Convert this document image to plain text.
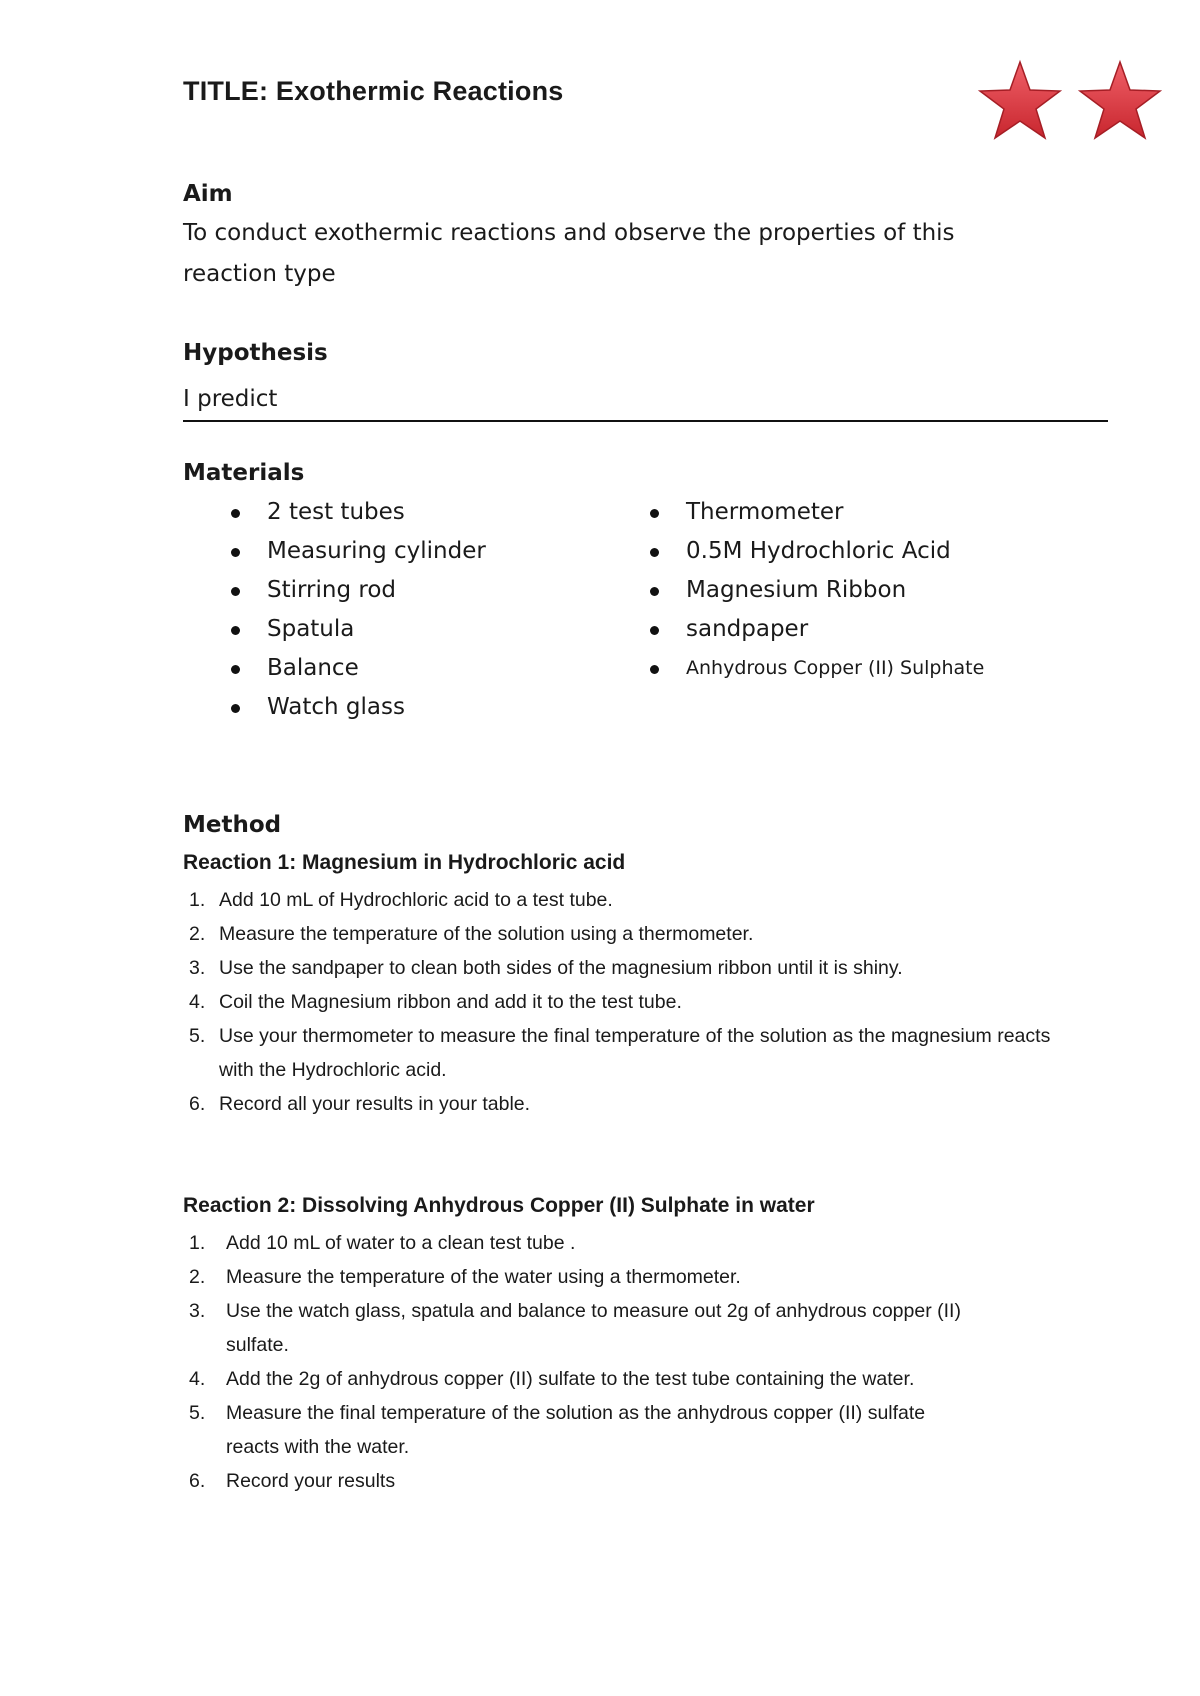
TITLE: Exothermic Reactions
Aim
To conduct exothermic reactions and observe the properties of this reaction type
Hypothesis
I predict
Materials
2 test tubes
Measuring cylinder
Stirring rod
Spatula
Balance
Watch glass
Thermometer
0.5M Hydrochloric Acid
Magnesium Ribbon
sandpaper
Anhydrous Copper (II) Sulphate
Method
Reaction 1: Magnesium in Hydrochloric acid
1. Add 10 mL of Hydrochloric acid to a test tube.
2. Measure the temperature of the solution using a thermometer.
3. Use the sandpaper to clean both sides of the magnesium ribbon until it is shiny.
4. Coil the Magnesium ribbon and add it to the test tube.
5. Use your thermometer to measure the final temperature of the solution as the magnesium reacts with the Hydrochloric acid.
6. Record all your results in your table.
Reaction 2: Dissolving Anhydrous Copper (II) Sulphate in water
1. Add 10 mL of water to a clean test tube .
2. Measure the temperature of the water using a thermometer.
3. Use the watch glass, spatula and balance to measure out 2g of anhydrous copper (II) sulfate.
4. Add the 2g of anhydrous copper (II) sulfate to the test tube containing the water.
5. Measure the final temperature of the solution as the anhydrous copper (II) sulfate reacts with the water.
6. Record your results
